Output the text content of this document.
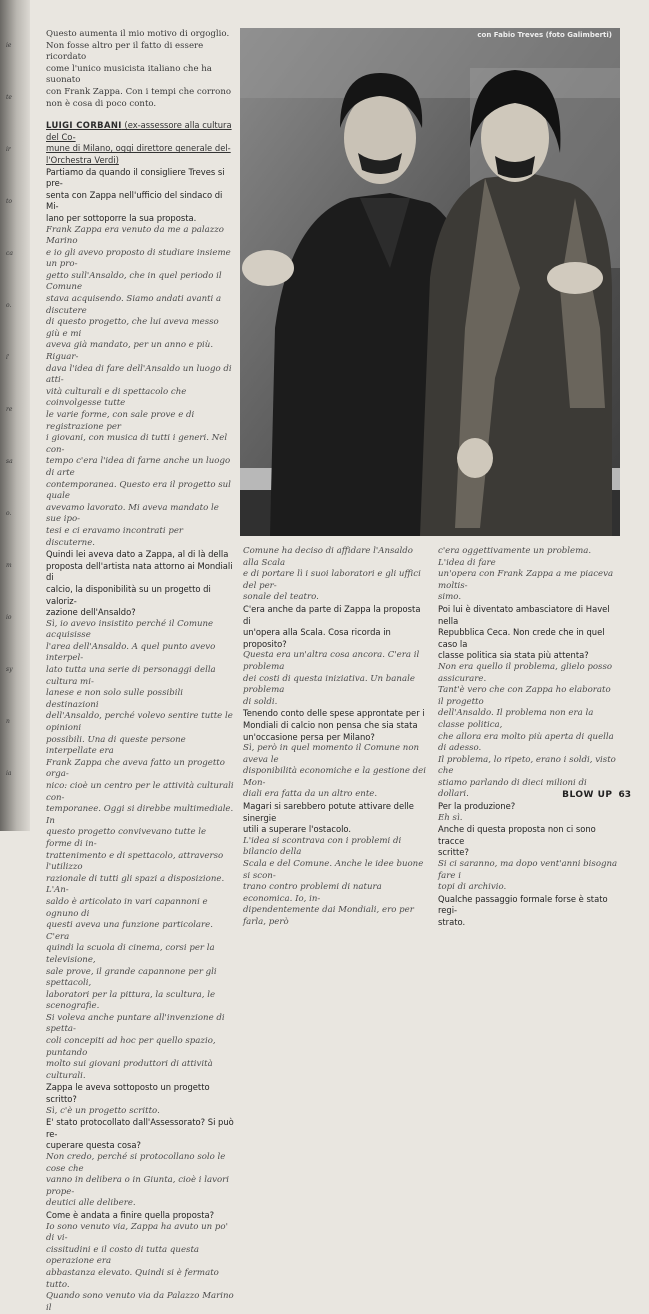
ie
te
ir
to
ca
o.
i'
re
sa
o.
m
io
sy
n
ia

Questo aumenta il mio motivo di orgoglio.

Non fosse altro per il fatto di essere ricordato

come l'unico musicista italiano che ha suonato

con Frank Zappa. Con i tempi che corrono

non è cosa di poco conto.

LUIGI CORBANI (ex-assessore alla cultura del Co-
mune di Milano, oggi direttore generale del-
l'Orchestra Verdi)

Partiamo da quando il consigliere Treves si pre-

senta con Zappa nell'ufficio del sindaco di Mi-

lano per sottoporre la sua proposta.

Frank Zappa era venuto da me a palazzo Marino

e io gli avevo proposto di studiare insieme un pro-

getto sull'Ansaldo, che in quel periodo il Comune

stava acquisendo. Siamo andati avanti a discutere

di questo progetto, che lui aveva messo giù e mi

aveva già mandato, per un anno e più. Riguar-

dava l'idea di fare dell'Ansaldo un luogo di atti-

vità culturali e di spettacolo che coinvolgesse tutte

le varie forme, con sale prove e di registrazione per

i giovani, con musica di tutti i generi. Nel con-

tempo c'era l'idea di farne anche un luogo di arte

contemporanea. Questo era il progetto sul quale

avevamo lavorato. Mi aveva mandato le sue ipo-

tesi e ci eravamo incontrati per discuterne.

Quindi lei aveva dato a Zappa, al di là della

proposta dell'artista nata attorno ai Mondiali di

calcio, la disponibilità su un progetto di valoriz-

zazione dell'Ansaldo?

Sì, io avevo insistito perché il Comune acquisisse

l'area dell'Ansaldo. A quel punto avevo interpel-

lato tutta una serie di personaggi della cultura mi-

lanese e non solo sulle possibili destinazioni

dell'Ansaldo, perché volevo sentire tutte le opinioni

possibili. Una di queste persone interpellate era

Frank Zappa che aveva fatto un progetto orga-

nico: cioè un centro per le attività culturali con-

temporanee. Oggi si direbbe multimediale. In

questo progetto convivevano tutte le forme di in-

trattenimento e di spettacolo, attraverso l'utilizzo

razionale di tutti gli spazi a disposizione. L'An-

saldo è articolato in vari capannoni e ognuno di

questi aveva una funzione particolare. C'era

quindi la scuola di cinema, corsi per la televisione,

sale prove, il grande capannone per gli spettacoli,

laboratori per la pittura, la scultura, le scenografie.

Si voleva anche puntare all'invenzione di spetta-

coli concepiti ad hoc per quello spazio, puntando

molto sui giovani produttori di attività culturali.

Zappa le aveva sottoposto un progetto scritto?

Sì, c'è un progetto scritto.

E' stato protocollato dall'Assessorato? Si può re-

cuperare questa cosa?

Non credo, perché si protocollano solo le cose che

vanno in delibera o in Giunta, cioè i lavori prope-

deutici alle delibere.

Come è andata a finire quella proposta?

Io sono venuto via, Zappa ha avuto un po' di vi-

cissitudini e il costo di tutta questa operazione era

abbastanza elevato. Quindi si è fermato tutto.

Quando sono venuto via da Palazzo Marino il

con Fabio Treves (foto Galimberti)

Comune ha deciso di affidare l'Ansaldo alla Scala

e di portare lì i suoi laboratori e gli uffici del per-

sonale del teatro.

C'era anche da parte di Zappa la proposta di

un'opera alla Scala. Cosa ricorda in proposito?

Questa era un'altra cosa ancora. C'era il problema

dei costi di questa iniziativa. Un banale problema

di soldi.

Tenendo conto delle spese approntate per i

Mondiali di calcio non pensa che sia stata

un'occasione persa per Milano?

Sì, però in quel momento il Comune non aveva le

disponibilità economiche e la gestione dei Mon-

diali era fatta da un altro ente.

Magari si sarebbero potute attivare delle sinergie

utili a superare l'ostacolo.

L'idea si scontrava con i problemi di bilancio della

Scala e del Comune. Anche le idee buone si scon-

trano contro problemi di natura economica. Io, in-

dipendentemente dai Mondiali, ero per farla, però

c'era oggettivamente un problema. L'idea di fare

un'opera con Frank Zappa a me piaceva moltis-

simo.

Poi lui è diventato ambasciatore di Havel nella

Repubblica Ceca. Non crede che in quel caso la

classe politica sia stata più attenta?

Non era quello il problema, glielo posso assicurare.

Tant'è vero che con Zappa ho elaborato il progetto

dell'Ansaldo. Il problema non era la classe politica,

che allora era molto più aperta di quella di adesso.

Il problema, lo ripeto, erano i soldi, visto che

stiamo parlando di dieci milioni di dollari.

Per la produzione?

Eh sì.

Anche di questa proposta non ci sono tracce

scritte?

Si ci saranno, ma dopo vent'anni bisogna fare i

topi di archivio.

Qualche passaggio formale forse è stato regi-

strato.

BLOW UP 63
